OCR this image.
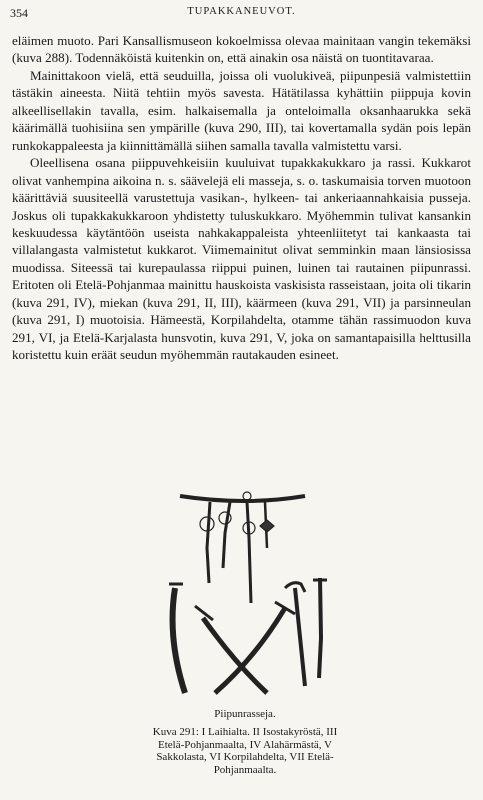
354	TUPAKKANEUVOT.

eläimen muoto. Pari Kansallismuseon kokoelmissa olevaa mainitaan vangin tekemäksi (kuva 288). Todennäköistä kuitenkin on, että ainakin osa näistä on tuontitavaraa.

Mainittakoon vielä, että seuduilla, joissa oli vuolukiveä, piipunpesiä valmistettiin tästäkin aineesta. Niitä tehtiin myös savesta. Hätätilassa kyhättiin piippuja kovin alkeellisellakin tavalla, esim. halkaisemalla ja onteloimalla oksanhaarukka sekä käärimällä tuohisiina sen ympärille (kuva 290, III), tai kovertamalla sydän pois lepän runkokappaleesta ja kiinnittämällä siihen samalla tavalla valmistettu varsi.

Oleellisena osana piippuvehkeisiin kuuluivat tupakkakukkaro ja rassi. Kukkarot olivat vanhempina aikoina n. s. säävelejä eli masseja, s. o. taskumaisia torven muotoon käärittäviä suusiteellä varustettuja vasikan-, hylkeen- tai ankeriaannahkaisia pusseja. Joskus oli tupakkakukkaroon yhdistetty tuluskukkaro. Myöhemmin tulivat kansankin keskuudessa käytäntöön useista nahkakappaleista yhteenliitetyt tai kankaasta tai villalangasta valmistetut kukkarot. Viimemainitut olivat semminkin maan länsiosissa muodissa. Siteessä tai kurepaulassa riippui puinen, luinen tai rautainen piipunrassi. Eritoten oli Etelä-Pohjanmaa mainittu hauskoista vaskisista rasseistaan, joita oli tikarin (kuva 291, IV), miekan (kuva 291, II, III), käärmeen (kuva 291, VII) ja parsinneulan (kuva 291, I) muotoisia. Hämeestä, Korpilahdelta, otamme tähän rassimuodon kuva 291, VI, ja Etelä-Karjalasta hunsvotin, kuva 291, V, joka on samantapaisilla helttusilla koristettu kuin eräät seudun myöhemmän rautakauden esineet.

Piipunrasseja.
Kuva 291: I Laihialta. II Isostakyröstä, III Etelä-Pohjanmaalta, IV Alahärmästä, V Sakkolasta, VI Korpilahdelta, VII Etelä-Pohjanmaalta.
